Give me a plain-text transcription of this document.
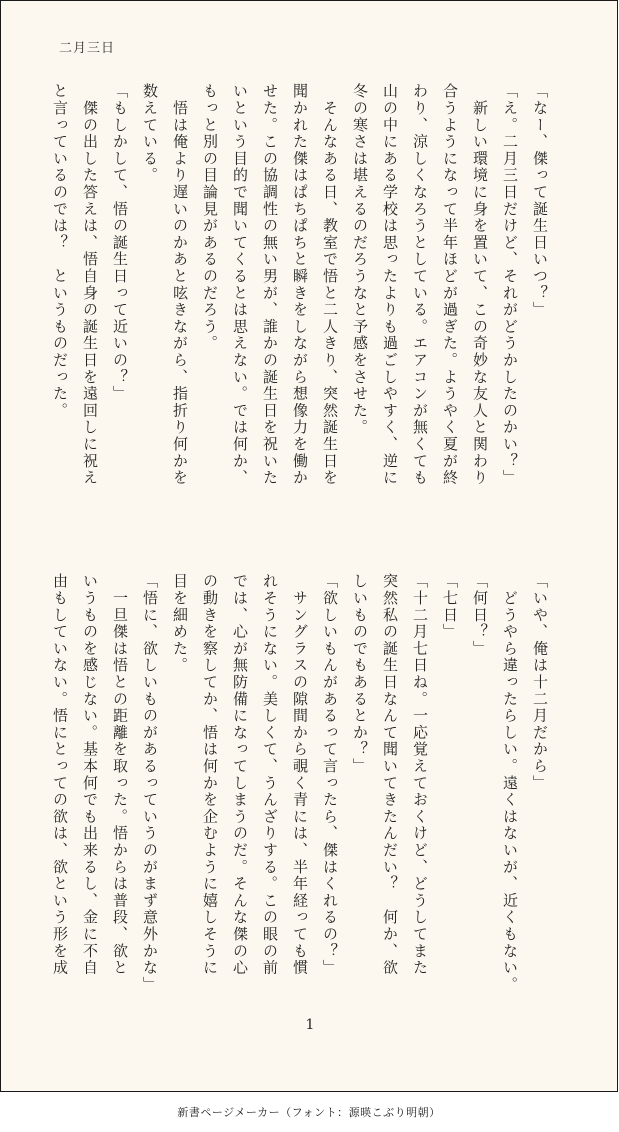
二月三日
「なー、傑って誕生日いつ？」
「え。二月三日だけど、それがどうかしたのかい？」
　新しい環境に身を置いて、この奇妙な友人と関わり
合うようになって半年ほどが過ぎた。ようやく夏が終
わり、涼しくなろうとしている。エアコンが無くても
山の中にある学校は思ったよりも過ごしやすく、逆に
冬の寒さは堪えるのだろうなと予感をさせた。
　そんなある日、教室で悟と二人きり、突然誕生日を
聞かれた傑はぱちぱちと瞬きをしながら想像力を働か
せた。この協調性の無い男が、誰かの誕生日を祝いた
いという目的で聞いてくるとは思えない。では何か、
もっと別の目論見があるのだろう。
　悟は俺より遅いのかあと呟きながら、指折り何かを
数えている。
「もしかして、悟の誕生日って近いの？」
　傑の出した答えは、悟自身の誕生日を遠回しに祝え
と言っているのでは？　というものだった。
「いや、俺は十二月だから」
　どうやら違ったらしい。遠くはないが、近くもない。
「何日？」
「七日」
「十二月七日ね。一応覚えておくけど、どうしてまた
突然私の誕生日なんて聞いてきたんだい？　何か、欲
しいものでもあるとか？」
「欲しいもんがあるって言ったら、傑はくれるの？」
　サングラスの隙間から覗く青には、半年経っても慣
れそうにない。美しくて、うんざりする。この眼の前
では、心が無防備になってしまうのだ。そんな傑の心
の動きを察してか、悟は何かを企むように嬉しそうに
目を細めた。
「悟に、欲しいものがあるっていうのがまず意外かな」
　一旦傑は悟との距離を取った。悟からは普段、欲と
いうものを感じない。基本何でも出来るし、金に不自
由もしていない。悟にとっての欲は、欲という形を成
1
新書ページメーカー（フォント：源暎こぶり明朝）
